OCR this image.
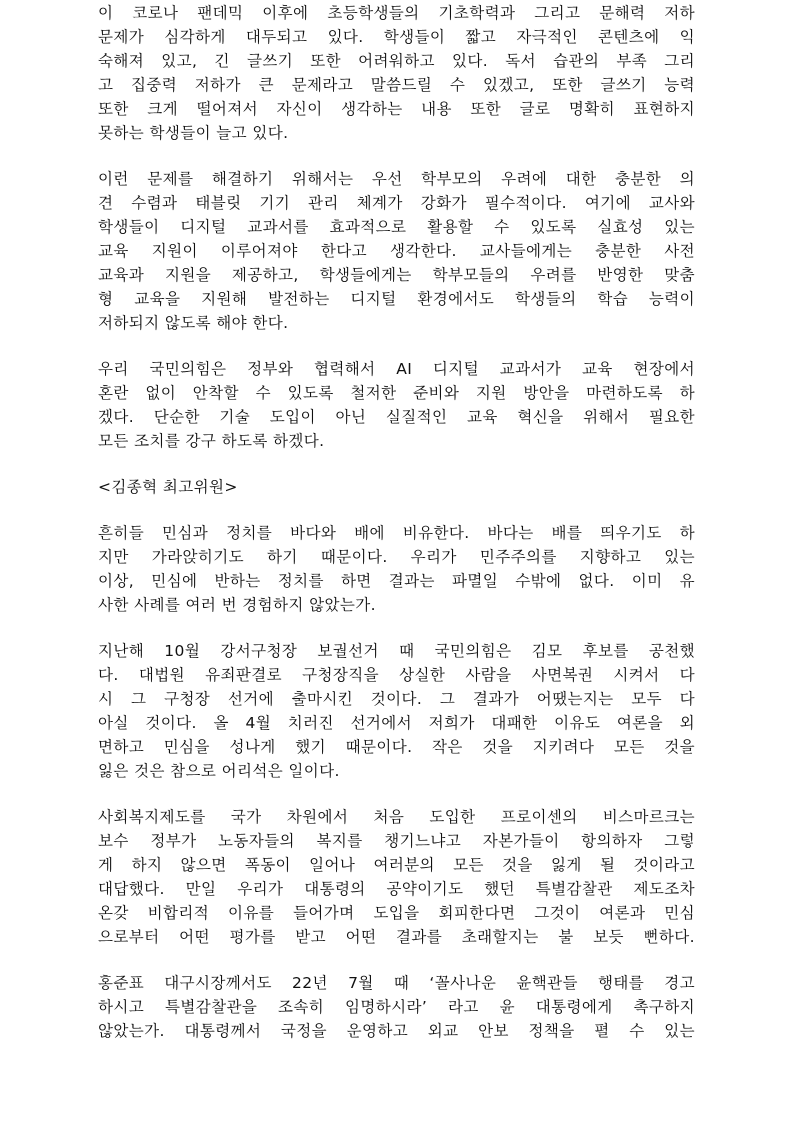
이 코로나 팬데믹 이후에 초등학생들의 기초학력과 그리고 문해력 저하
문제가 심각하게 대두되고 있다. 학생들이 짧고 자극적인 콘텐츠에 익
숙해져 있고, 긴 글쓰기 또한 어려워하고 있다. 독서 습관의 부족 그리
고 집중력 저하가 큰 문제라고 말씀드릴 수 있겠고, 또한 글쓰기 능력
또한 크게 떨어져서 자신이 생각하는 내용 또한 글로 명확히 표현하지
못하는 학생들이 늘고 있다.
이런 문제를 해결하기 위해서는 우선 학부모의 우려에 대한 충분한 의
견 수렴과 태블릿 기기 관리 체계가 강화가 필수적이다. 여기에 교사와
학생들이 디지털 교과서를 효과적으로 활용할 수 있도록 실효성 있는
교육 지원이 이루어져야 한다고 생각한다. 교사들에게는 충분한 사전
교육과 지원을 제공하고, 학생들에게는 학부모들의 우려를 반영한 맞춤
형 교육을 지원해 발전하는 디지털 환경에서도 학생들의 학습 능력이
저하되지 않도록 해야 한다.
우리 국민의힘은 정부와 협력해서 AI 디지털 교과서가 교육 현장에서
혼란 없이 안착할 수 있도록 철저한 준비와 지원 방안을 마련하도록 하
겠다. 단순한 기술 도입이 아닌 실질적인 교육 혁신을 위해서 필요한
모든 조치를 강구 하도록 하겠다.
<김종혁 최고위원>
흔히들 민심과 정치를 바다와 배에 비유한다. 바다는 배를 띄우기도 하
지만 가라앉히기도 하기 때문이다. 우리가 민주주의를 지향하고 있는
이상, 민심에 반하는 정치를 하면 결과는 파멸일 수밖에 없다. 이미 유
사한 사례를 여러 번 경험하지 않았는가.
지난해 10월 강서구청장 보궐선거 때 국민의힘은 김모 후보를 공천했
다. 대법원 유죄판결로 구청장직을 상실한 사람을 사면복권 시켜서 다
시 그 구청장 선거에 출마시킨 것이다. 그 결과가 어땠는지는 모두 다
아실 것이다. 올 4월 치러진 선거에서 저희가 대패한 이유도 여론을 외
면하고 민심을 성나게 했기 때문이다. 작은 것을 지키려다 모든 것을
잃은 것은 참으로 어리석은 일이다.
사회복지제도를 국가 차원에서 처음 도입한 프로이센의 비스마르크는
보수 정부가 노동자들의 복지를 챙기느냐고 자본가들이 항의하자 그렇
게 하지 않으면 폭동이 일어나 여러분의 모든 것을 잃게 될 것이라고
대답했다. 만일 우리가 대통령의 공약이기도 했던 특별감찰관 제도조차
온갖 비합리적 이유를 들어가며 도입을 회피한다면 그것이 여론과 민심
으로부터 어떤 평가를 받고 어떤 결과를 초래할지는 불 보듯 뻔하다.
홍준표 대구시장께서도 22년 7월 때 ‘꼴사나운 윤핵관들 행태를 경고
하시고 특별감찰관을 조속히 임명하시라’ 라고 윤 대통령에게 촉구하지
않았는가. 대통령께서 국정을 운영하고 외교 안보 정책을 펼 수 있는
